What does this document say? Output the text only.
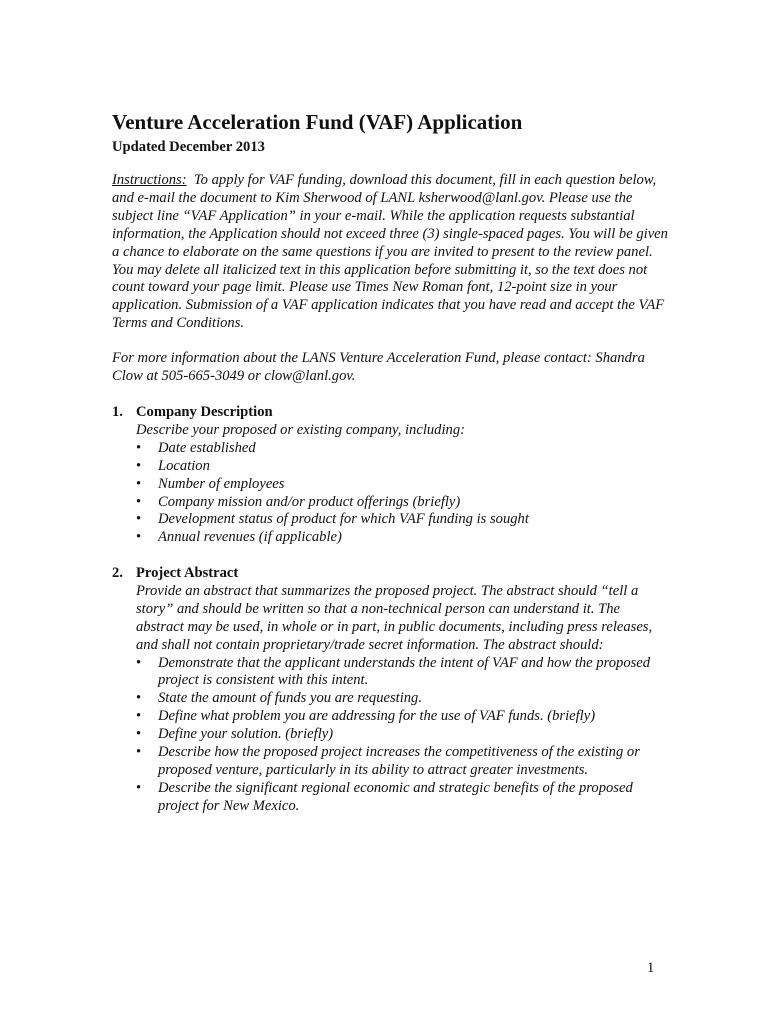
Venture Acceleration Fund (VAF) Application
Updated December 2013

Instructions: To apply for VAF funding, download this document, fill in each question below, and e-mail the document to Kim Sherwood of LANL ksherwood@lanl.gov. Please use the subject line “VAF Application” in your e-mail. While the application requests substantial information, the Application should not exceed three (3) single-spaced pages. You will be given a chance to elaborate on the same questions if you are invited to present to the review panel. You may delete all italicized text in this application before submitting it, so the text does not count toward your page limit. Please use Times New Roman font, 12-point size in your application. Submission of a VAF application indicates that you have read and accept the VAF Terms and Conditions.

For more information about the LANS Venture Acceleration Fund, please contact: Shandra Clow at 505-665-3049 or clow@lanl.gov.

1. Company Description
Describe your proposed or existing company, including:
• Date established
• Location
• Number of employees
• Company mission and/or product offerings (briefly)
• Development status of product for which VAF funding is sought
• Annual revenues (if applicable)
2. Project Abstract
Provide an abstract that summarizes the proposed project. The abstract should “tell a story” and should be written so that a non-technical person can understand it. The abstract may be used, in whole or in part, in public documents, including press releases, and shall not contain proprietary/trade secret information. The abstract should:
• Demonstrate that the applicant understands the intent of VAF and how the proposed project is consistent with this intent.
• State the amount of funds you are requesting.
• Define what problem you are addressing for the use of VAF funds. (briefly)
• Define your solution. (briefly)
• Describe how the proposed project increases the competitiveness of the existing or proposed venture, particularly in its ability to attract greater investments.
• Describe the significant regional economic and strategic benefits of the proposed project for New Mexico.
1
